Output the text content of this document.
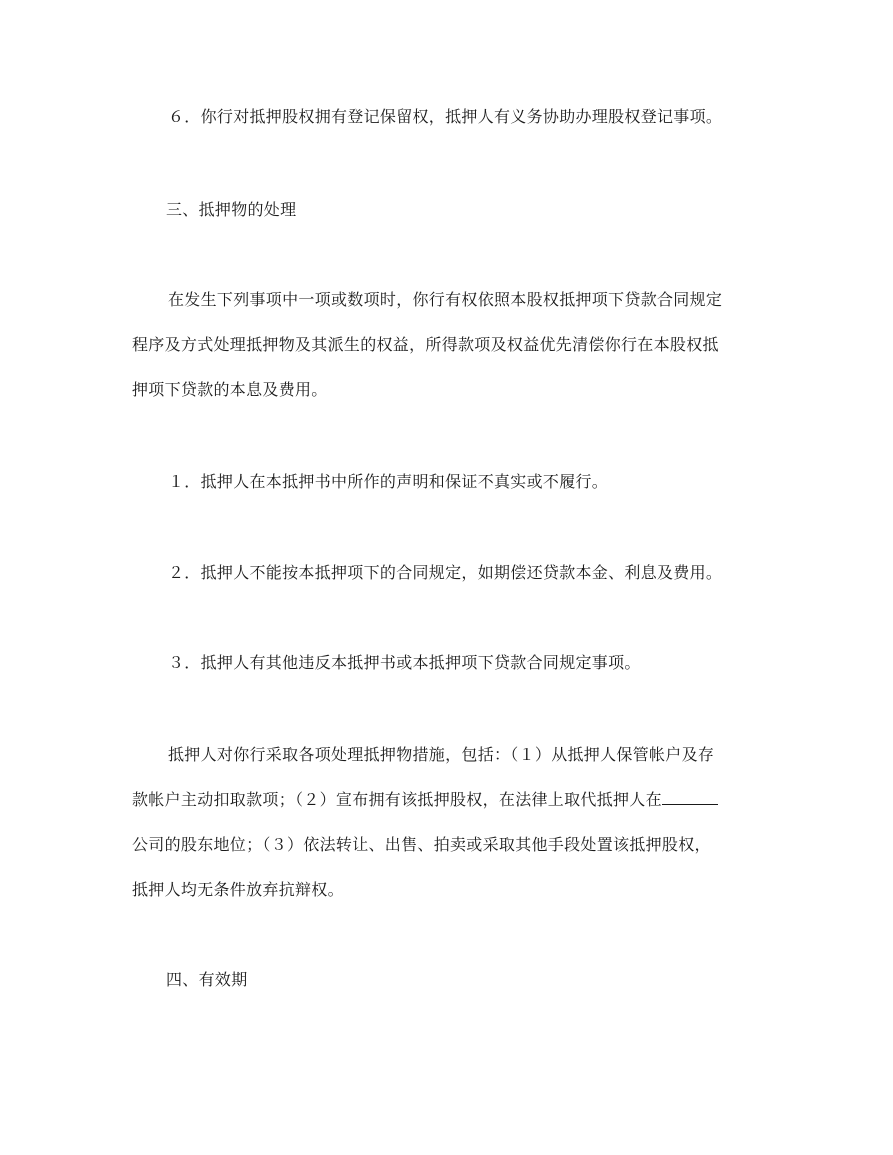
６．你行对抵押股权拥有登记保留权，抵押人有义务协助办理股权登记事项。
三、抵押物的处理
在发生下列事项中一项或数项时，你行有权依照本股权抵押项下贷款合同规定
程序及方式处理抵押物及其派生的权益，所得款项及权益优先清偿你行在本股权抵
押项下贷款的本息及费用。
１．抵押人在本抵押书中所作的声明和保证不真实或不履行。
２．抵押人不能按本抵押项下的合同规定，如期偿还贷款本金、利息及费用。
３．抵押人有其他违反本抵押书或本抵押项下贷款合同规定事项。
抵押人对你行采取各项处理抵押物措施，包括：（１）从抵押人保管帐户及存
款帐户主动扣取款项；（２）宣布拥有该抵押股权，在法律上取代抵押人在
公司的股东地位；（３）依法转让、出售、拍卖或采取其他手段处置该抵押股权，
抵押人均无条件放弃抗辩权。
四、有效期
